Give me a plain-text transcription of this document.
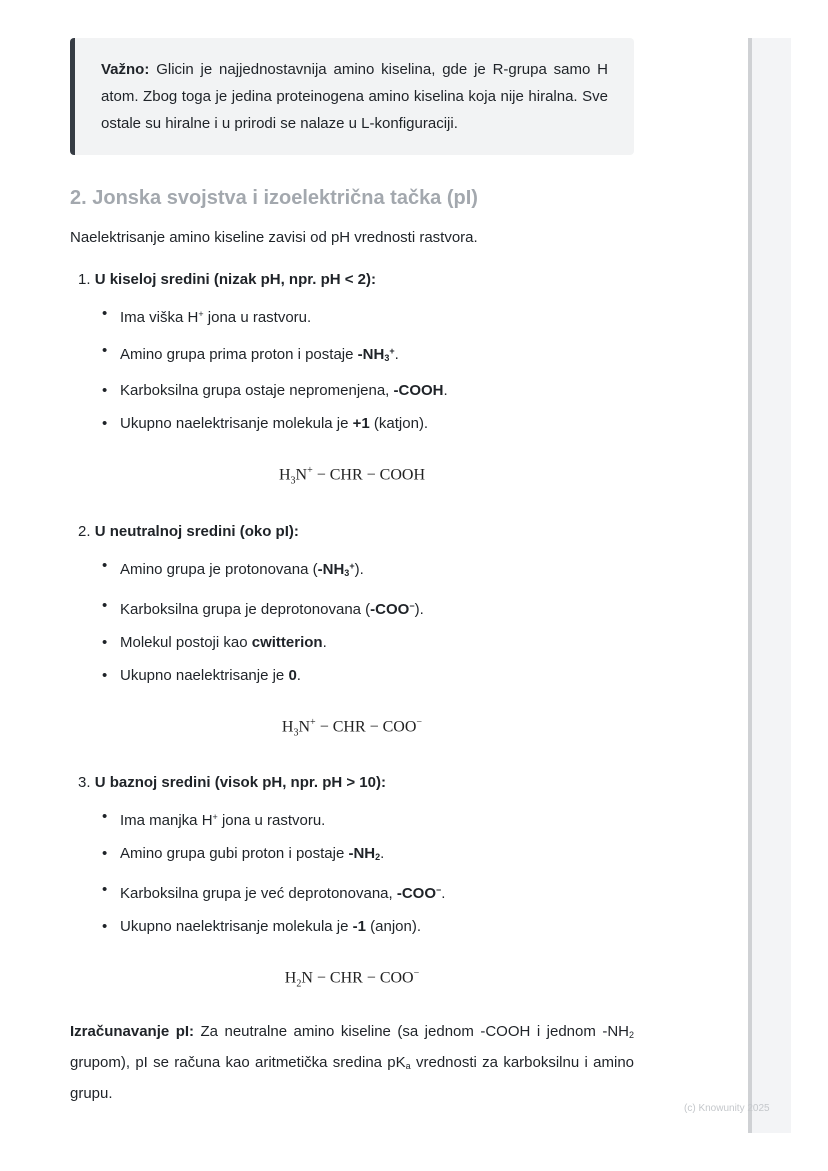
Važno: Glicin je najjednostavnija amino kiselina, gde je R-grupa samo H atom. Zbog toga je jedina proteinogena amino kiselina koja nije hiralna. Sve ostale su hiralne i u prirodi se nalaze u L-konfiguraciji.
2. Jonska svojstva i izoelektrična tačka (pI)

Naelektrisanje amino kiseline zavisi od pH vrednosti rastvora.

1. U kiseloj sredini (nizak pH, npr. pH < 2):

• Ima viška H+ jona u rastvoru.
• Amino grupa prima proton i postaje $-NH_3^+$.
• Karboksilna grupa ostaje nepromenjena, -COOH.
• Ukupno naelektrisanje molekula je +1 (katjon).

$H_3N^+$ − CHR − COOH

2. U neutralnoj sredini (oko pI):

• Amino grupa je protonovana $(-NH_3^+)$.
• Karboksilna grupa je deprotonovana (-COO−).
• Molekul postoji kao cwitterion.
• Ukupno naelektrisanje je 0.

$H_3N^+$ − CHR − COO−

3. U baznoj sredini (visok pH, npr. pH > 10):

• Ima manjka H+ jona u rastvoru.
• Amino grupa gubi proton i postaje $-NH_2$.
• Karboksilna grupa je već deprotonovana, -COO−.
• Ukupno naelektrisanje molekula je -1 (anjon).

$H_2N$ − CHR − COO−

Izračunavanje pI: Za neutralne amino kiseline (sa jednom -COOH i jednom $-NH_2$ grupom), pI se računa kao aritmetička sredina $pK_a$ vrednosti za karboksilnu i amino grupu.

(c) Knowunity 2025
